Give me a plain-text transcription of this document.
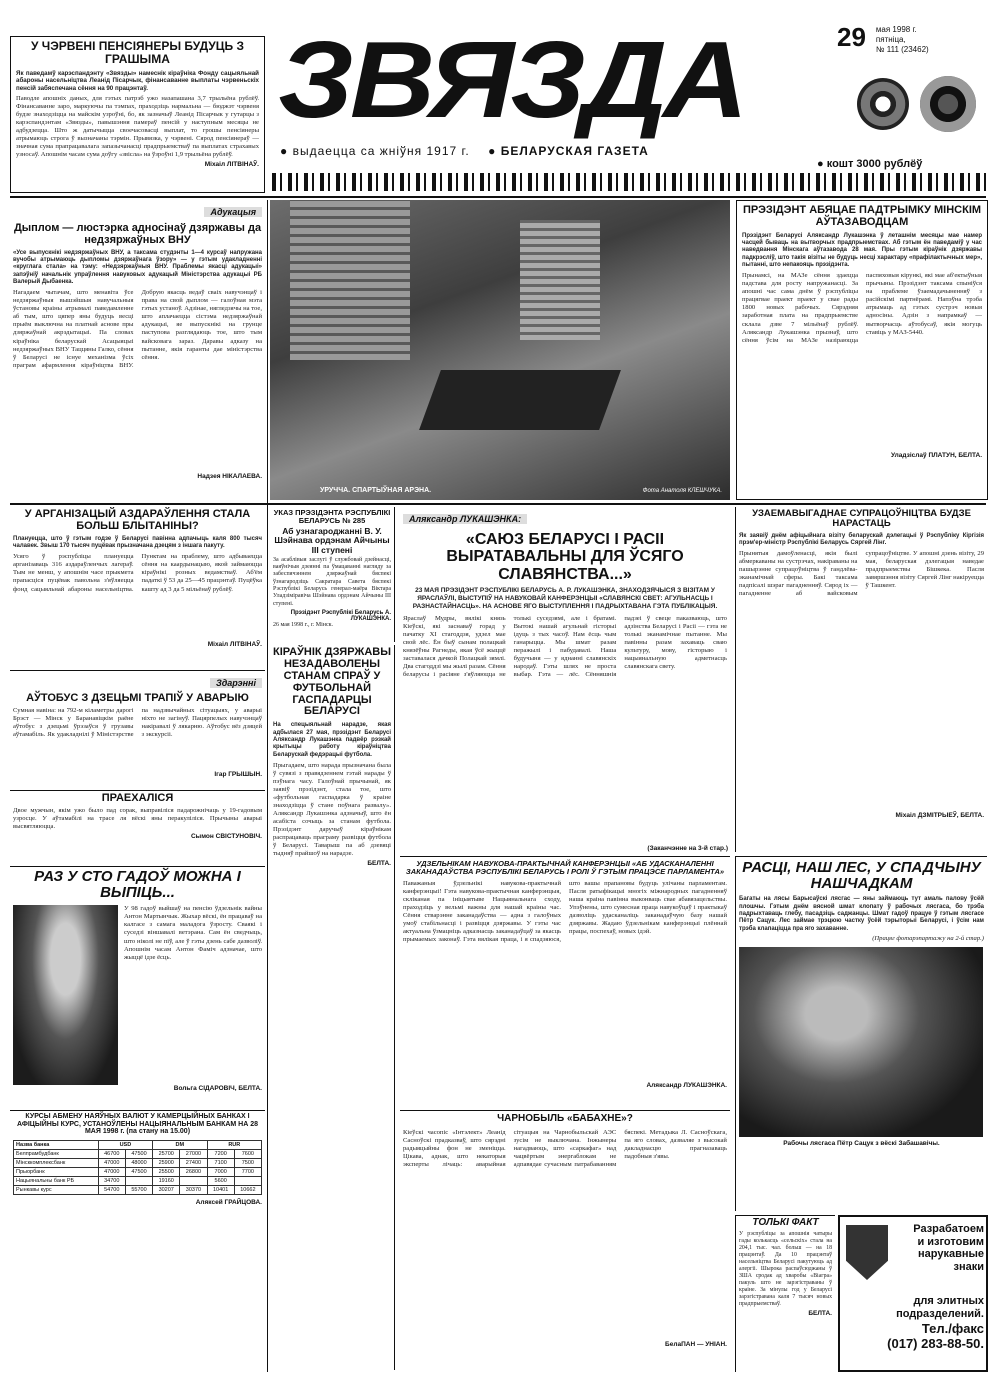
У ЧЭРВЕНІ ПЕНСІЯНЕРЫ БУДУЦЬ З ГРАШЫМА
Як паведамў карэспандэнту «Звязды» намеснік кіраўніка Фонду сацыяльнай абароны насельніцтва Леанід Пісарчык, фінансаванне выплаты чэрвеньскіх пенсій забяспечана сёння на 90 працэнтаў.
Паводле апошніх даных, для гэтых патрэб ужо назапашана 3,7 трыльёна рублёў. Фінансаванне заро, маркуючы па тэмпах, праходзіць нармальна — бюджэт чэрвеня будзе знаходзіцца на майскім узроўні, бо, як зазначыў Леанід Пісарчык у гутарцы з карэспандэнтам «Звязды», павышэння памераў пенсій у наступным месяцы не адбудзецца. Што ж датычыцца своечасовасці выплат, то грошы пенсіянеры атрымаюць строга ў вызначаны тэрмін. Прывязка, у чэрвені. Сярод пенсіянераў — значная сума прапрацавалага запазычанасці прадпрыемстваў па выплатах страхавых узносаў. Апошнім часам сума доўгу «звісла» на ўзроўні 1,9 трыльёна рублёў.
Міхаіл ЛІТВІНАЎ.
ЗВЯЗДА	29 мая 1998 г.
пятніца,
№ 111 (23462)
● выдаецца са жніўня 1917 г. ● БЕЛАРУСКАЯ ГАЗЕТА
● кошт 3000 рублёў
Адукацыя
Дыплом — люстэрка адносінаў дзяржавы да недзяржаўных ВНУ
«Усе выпускнікі недзяржаўных ВНУ, а таксама студэнты 1—4 курсаў напружана вучобы атрымаюць дыпломы дзяржаўнага ўзору» — у гэтым удакладненні «круглага стала» на тэму: «Недзяржаўныя ВНУ. Праблемы якасці адукацыі» запэўніў начальнік упраўлення навуковых адукацый Міністэрства адукацыі РБ Валерый Дыбаенка.
Нагадаем чытачам, што менавіта ўсе недзяржаўныя вышэйшыя навучальныя ўстановы краіны атрымалі паведамленне аб тым, што цяпер яны будуць весці прыём выключна на платнай аснове пры дзяржаўнай акрэдытацыі. Па словах кіраўніка беларускай Асацыяцыі недзяржаўных ВНУ Таццяны Галко, сёння ў Беларусі не існуе механізма ўсіх праграм афармлення кіраўніцтва ВНУ. Добрую якасць ведаў сваіх навучэнцаў і права на свой дыплом — галоўная мэта гэтых устаноў. Адзінае, нягледзячы на тое, што аплачаецца сістэма недзяржаўнай адукацыі, яе выпускнікі на грунце паступова разглядаюць тое, што тым вайсковага зараз. Даравы адказу на пытанне, якія гаранты дае міністэрства сёння.
Надзея НІКАЛАЕВА.
УРУЧЧА. СПАРТЫЎНАЯ АРЭНА.	Фота Анатоля КЛЕШЧУКА.
ПРЭЗІДЭНТ АБЯЦАЕ ПАДТРЫМКУ МІНСКІМ АЎТАЗАВОДЦАМ
Прэзідэнт Беларусі Аляксандр Лукашэнка ў леташнім месяцы мае намер часцей бываць на вытворчых прадпрыемствах. Аб гэтым ён паведаміў у час наведвання Мінскага аўтазавода 28 мая. Пры гэтым кіраўнік дзяржавы падкрэсліў, што такія візіты не будуць несці характару «прафілактычных мер», пытанні, што непакояць прэзідэнта.
Прынамсі, на МАЗе сёння здаецца падстава для росту напружанасці. За апошні час сама днём ў рэспубліцы працягвае праект праект у свае рады 1800 новых рабочых. Сярэдняя заработная плата на прадпрыемстве склала дзве 7 мільёнаў рублёў. Аляксандр Лукашэнка прызнаў, што сёння ўсім на МАЗе назіраюцца паспяховыя кірункі, які мае аб'ектыўныя прычыны. Прэзідэнт таксама спыніўся на праблеме ўзаемадачыненняў з расійскімі партнёрамі. Напэўна трэба атрымаць ад гэтых сустрэч новыя адносіны. Адзін з напрамкаў — вытворчасць аўтобусаў, якія могуць ставіць у МАЗ-5440.
Уладзіслаў ПЛАТУН, БЕЛТА.
У АРГАНІЗАЦЫЙ АЗДАРАЎЛЕННЯ СТАЛА БОЛЬШ БЛЫТАНІНЫ?
Плануецца, што ў гэтым годзе ў Беларусі павінна адпачыць каля 800 тысяч чалавек. Звыш 170 тысяч пуцёвак прызначана дзецям з іншага пакуту.
Усяго ў рэспубліцы плануецца арганізаваць 316 аздараўленчых лагераў. Тым не менш, у апошнім часе прыкмета прапасціся пуцёвак павольна з'яўляецца фонд сацыяльнай абароны насельніцтва. Пунктам на праблему, што адбываецца сёння на каардынацыю, якой займаюцца кіраўнікі розных ведамстваў. Аб'ём падаткі ў 53 да 25—45 працэнтаў. Пуцёўка кашту ад 3 да 5 мільёнаў рублёў.
Міхаіл ЛІТВІНАЎ.
Здарэнні
АЎТОБУС З ДЗЕЦЬМІ ТРАПІЎ У АВАРЫЮ
Сумная навіна: на 792-м кіламетры дарогі Брэст — Мінск у Баранавіцкім раёне аўтобус з дзецьмі ўрэзаўся ў грузавы аўтамабіль. Як удакладнілі ў Міністэрстве па надзвычайных сітуацыях, у аварыі ніхто не загінуў. Пацярпелых навучэнцаў накіравалі ў лякарню. Аўтобус вёз дзяцей з экскурсіі.
Ігар ГРЫШЫН.
ПРАЕХАЛІСЯ
Двое мужчын, якім ужо было пад сорак, выправіліся падарожнічаць у 19-гадовым узросце. У аўтамабілі на трасе ля вёскі яны перакуліліся. Прычыны аварыі высвятляюцца.
Сымон СВІСТУНОВІЧ.
РАЗ У СТО ГАДОЎ МОЖНА І ВЫПІЦЬ...
У 98 гадоў выйшаў на пенсію ўдзельнік вайны Антон Мартынчык. Жыхар вёскі, ён працаваў на калгасе з самага маладога ўзросту. Сваякі і суседзі віншавалі ветэрана. Сам ён сведчыць, што ніколі не піў, але ў гэты дзень сабе дазволіў. Апошнім часам Антон Фаміч адзначае, што жыццё ідзе ёсць.
Вольга СІДАРОВІЧ, БЕЛТА.
КУРСЫ АБМЕНУ НАЯЎНЫХ ВАЛЮТ У КАМЕРЦЫЙНЫХ БАНКАХ І АФІЦЫЙНЫ КУРС, УСТАНОЎЛЕНЫ НАЦЫЯНАЛЬНЫМ БАНКАМ НА 28 МАЯ 1998 г. (па стану на 15.00)
Назва банка	USD		DM		RUR	
Белпрамбудбанк	46700	47500	25700	27000	7200	7600
Мінсккомплексбанк	47000	48000	25900	27400	7100	7500
Прыорбанк	47000	47500	25500	26800	7000	7700
Нацыянальны банк РБ	34700		19160		5600	
Рынкавы курс	54700	55700	30207	30370	10401	10662
Аляксей ГРАЙЦОВА.
УКАЗ ПРЭЗІДЭНТА РЭСПУБЛІКІ БЕЛАРУСЬ № 285
Аб узнагароджанні В. У. Шэйнава ордэнам Айчыны III ступені
За асаблівыя заслугі ў службовай дзейнасці, ваяўнічыя дзеянні па ўмацаванні нагляду за забеспячэннем дзяржаўнай бяспекі ўзнагародзіць Сакратара Савета бяспекі Рэспублікі Беларусь генерал-маёра Віктара Уладзіміравіча Шэйнава ордэнам Айчыны III ступені.
Прэзідэнт Рэспублікі Беларусь А. ЛУКАШЭНКА.
26 мая 1998 г., г. Мінск.
КІРАЎНІК ДЗЯРЖАВЫ НЕЗАДАВОЛЕНЫ СТАНАМ СПРАЎ У ФУТБОЛЬНАЙ ГАСПАДАРЦЫ БЕЛАРУСІ
На спецыяльнай нарадзе, якая адбылася 27 мая, прэзідэнт Беларусі Аляксандр Лукашэнка падвёр рэзкай крытыцы работу кіраўніцтва Беларускай федэрацыі футбола.
Прыгадаем, што нарада прызначана была ў сувязі з правядзеннем гэтай нарады ў пэўнага часу. Галоўнай прычынай, як заявіў прэзідэнт, стала тое, што «футбольная гаспадарка ў краіне знаходзіцца ў стане поўнага развалу». Аляксандр Лукашэнка адзначыў, што ён асабіста сочыць за станам футбола. Прэзідэнт даручыў кіраўнікам распрацаваць праграму развіцця футбола ў Беларусі. Таварыш па аб дзевяці тыдняў прайшоў на нарадзе.
БЕЛТА.
Аляксандр ЛУКАШЭНКА:
«САЮЗ БЕЛАРУСІ І РАСІІ ВЫРАТАВАЛЬНЫ ДЛЯ ЎСЯГО СЛАВЯНСТВА...»
23 МАЯ ПРЭЗІДЭНТ РЭСПУБЛІКІ БЕЛАРУСЬ А. Р. ЛУКАШЭНКА, ЗНАХОДЗЯЧЫСЯ З ВІЗІТАМ У ЯРАСЛАЎЛІ, ВЫСТУПІЎ НА НАВУКОВАЙ КАНФЕРЭНЦЫІ «СЛАВЯНСКІ СВЕТ: АГУЛЬНАСЦЬ І РАЗНАСТАЙНАСЦЬ». НА АСНОВЕ ЯГО ВЫСТУПЛЕННЯ І ПАДРЫХТАВАНА ГЭТА ПУБЛІКАЦЫЯ.
Яраслаў Мудры, вялікі князь Кіеўскі, які заснаваў горад у пачатку XI стагоддзя, удзел мае свой лёс. Ён быў сынам полацкай князёўны Рагнеды, якая ўсё жыццё заставалася дачкой Полацкай зямлі. Два стагоддзі мы жылі разам. Сёння беларусы і расіяне з'яўляюцца не толькі суседзямі, але і братамі. Вытокі нашай агульнай гісторыі ідуць з тых часоў. Нам ёсць чым ганарыцца. Мы шмат разам перажылі і пабудавалі. Наша будучыня — у яднанні славянскіх народаў. Гэты шлях не проста выбар. Гэта — лёс. Сённяшнія падзеі ў свеце паказваюць, што адзінства Беларусі і Расіі — гэта не толькі эканамічнае пытанне. Мы павінны разам захаваць сваю культуру, мову, гісторыю і нацыянальную адметнасць славянскага свету.
УЗАЕМАВЫГАДНАЕ СУПРАЦОЎНІЦТВА БУДЗЕ НАРАСТАЦЬ
Як заявіў днём афіцыйнага візіту беларускай дэлегацыі ў Рэспубліку Кіргізія прэм'ер-міністр Рэспублікі Беларусь Сяргей Лінг.
Прынятыя дамоўленасці, якія былі абмеркаваны на сустрэчах, накіраваны на пашырэнне супрацоўніцтва ў гандлёва-эканамічнай сферы. Бакі таксама падпісалі шэраг пагадненняў. Сярод іх — пагадненне аб вайсковым супрацоўніцтве. У апошні дзень візіту, 29 мая, беларуская дэлегацыя наведае прадпрыемствы Бішкека. Пасля завяршэння візіту Сяргей Лінг накіруецца ў Ташкент.
Міхаіл ДЗМІТРЫЕЎ, БЕЛТА.
(Заканчэнне на 3-й стар.)
УДЗЕЛЬНІКАМ НАВУКОВА-ПРАКТЫЧНАЙ КАНФЕРЭНЦЫІ «АБ УДАСКАНАЛЕННІ ЗАКАНАДАЎСТВА РЭСПУБЛІКІ БЕЛАРУСЬ І РОЛІ Ў ГЭТЫМ ПРАЦЭСЕ ПАРЛАМЕНТА»
Паважаныя ўдзельнікі навукова-практычнай канферэнцыі! Гэта навукова-практычная канферэнцыя, скліканая па ініцыятыве Нацыянальнага сходу, праходзіць у вельмі важны для нашай краіны час. Сёння стварэнне заканадаўства — адна з галоўных умоў стабільнасці і развіцця дзяржавы. У гэты час актуальна ўзмацніць адказнасць заканадаўцаў за якасць прымаемых законаў. Гэта вялікая праца, і я спадзяюся, што вашы прапановы будуць улічаны парламентам. Пасля ратыфікацыі многіх міжнародных пагадненняў наша краіна павінна выконваць свае абавязацельствы. Упэўнены, што сумесная праца навукоўцаў і практыкаў дазволіць удасканаліць заканадаўчую базу нашай дзяржавы. Жадаю ўдзельнікам канферэнцыі плённай працы, поспехаў, новых ідэй.
Аляксандр ЛУКАШЭНКА.
РАСЦІ, НАШ ЛЕС, У СПАДЧЫНУ НАШЧАДКАМ
Багаты на лясы Барысаўскі лясгас — яны займаюць тут амаль палову ўсёй плошчы. Гэтым днём вясной шмат клопату ў рабочых лясгаса, бо трэба падрыхтаваць глебу, пасадзіць саджанцы. Шмат гадоў працуе ў гэтым лясгасе Пётр Сацук. Лес займае трэцюю частку ўсёй тэрыторыі Беларусі, і ўсім нам трэба клапаціцца пра яго захаванне.
(Працяг фотарэпартажу на 2-й стар.)
Рабочы лясгаса Пётр Сацук з вёскі Забашавічы.
ЧАРНОБЫЛЬ «БАБАХНЕ»?
Кіеўскі часопіс «Інтэлект» Леанід Сасноўскі прадказваў, што сярэдні радыяцыйны фон не зменіцца. Цікава, аднак, што некаторыя эксперты лічаць: аварыйная сітуацыя на Чарнобыльскай АЭС зусім не выключана. Інжынеры нагадваюць, што «саркафаг» над чацвёртым энергаблокам не адпавядае сучасным патрабаванням бяспекі. Метадыка Л. Сасноўскага, па яго словах, дазваляе з высокай дакладнасцю прагназаваць падобныя з'явы.
БелаПАН — УНІАН.
ТОЛЬКІ ФАКТ
У рэспубліцы за апошнія чатыры гады колькасць «сельскіх» стала на 204,1 тыс. чал. больш — на 18 працэнтаў. Да 10 працэнтаў насельніцтва Беларусі пакутуюць ад алергіі. Шырока распаўсюджаны ў ЗША сродак ад хваробы «Віагра» пакуль што не зарэгістраваны ў краіне. За мінулы год у Беларусі зарэгістравана каля 7 тысяч новых прадпрыемстваў.
БЕЛТА.
Разрабатоем
и изготовим
нарукавные
знаки
для элитных
подразделений.
Тел./факс
(017) 283-88-50.
